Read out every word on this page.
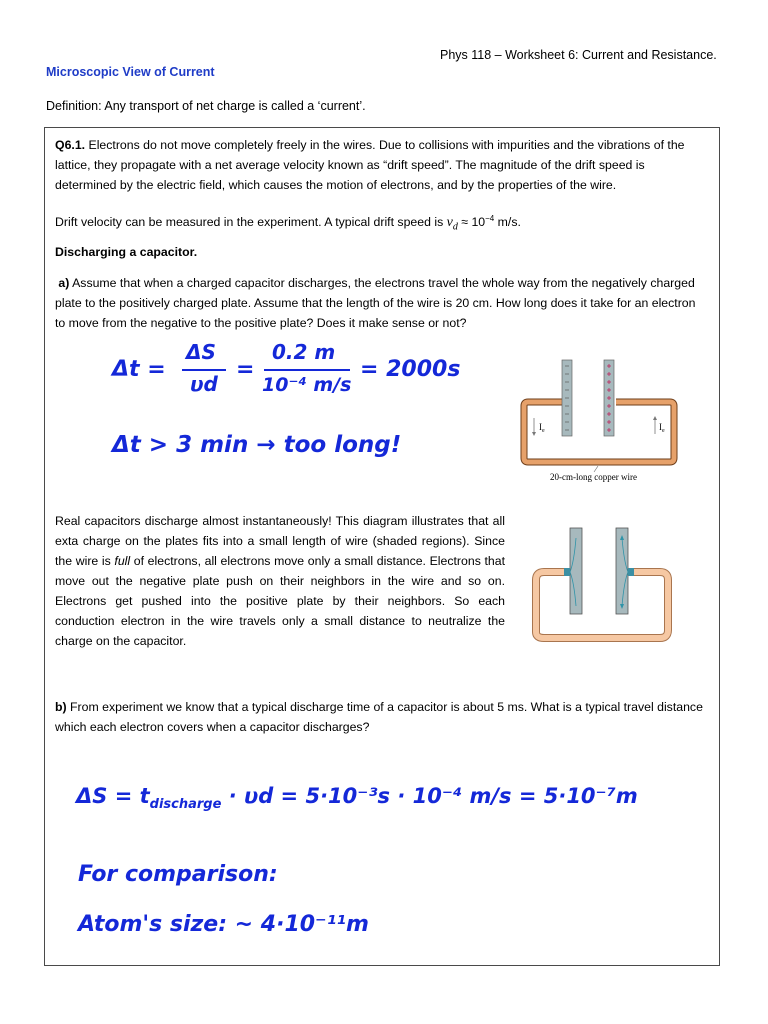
Phys 118 – Worksheet 6: Current and Resistance.
Microscopic View of Current
Definition: Any transport of net charge is called a ‘current’.
Q6.1. Electrons do not move completely freely in the wires. Due to collisions with impurities and the vibrations of the lattice, they propagate with a net average velocity known as “drift speed”. The magnitude of the drift speed is determined by the electric field, which causes the motion of electrons, and by the properties of the wire.
Drift velocity can be measured in the experiment. A typical drift speed is $v_d \approx 10^{-4}$ m/s.
Discharging a capacitor.
a) Assume that when a charged capacitor discharges, the electrons travel the whole way from the negatively charged plate to the positively charged plate. Assume that the length of the wire is 20 cm. How long does it take for an electron to move from the negative to the positive plate? Does it make sense or not?
Δt =
ΔS
υd
=
0.2 m
10⁻⁴ m/s
= 2000s
Δt > 3 min → too long!
$I_e$	$I_e$
20-cm-long copper wire
Real capacitors discharge almost instantaneously! This diagram illustrates that all exta charge on the plates fits into a small length of wire (shaded regions). Since the wire is full of electrons, all electrons move only a small distance. Electrons that move out the negative plate push on their neighbors in the wire and so on. Electrons get pushed into the positive plate by their neighbors. So each conduction electron in the wire travels only a small distance to neutralize the charge on the capacitor.
b) From experiment we know that a typical discharge time of a capacitor is about 5 ms. What is a typical travel distance which each electron covers when a capacitor discharges?
$\Delta S = t_{discharge} \cdot \upsilon d = 5\cdot 10^{-3}s \cdot 10^{-4}$ m/s = 5·10⁻⁷m
For comparison:
Atom's size: ~ 4·10⁻¹¹m
